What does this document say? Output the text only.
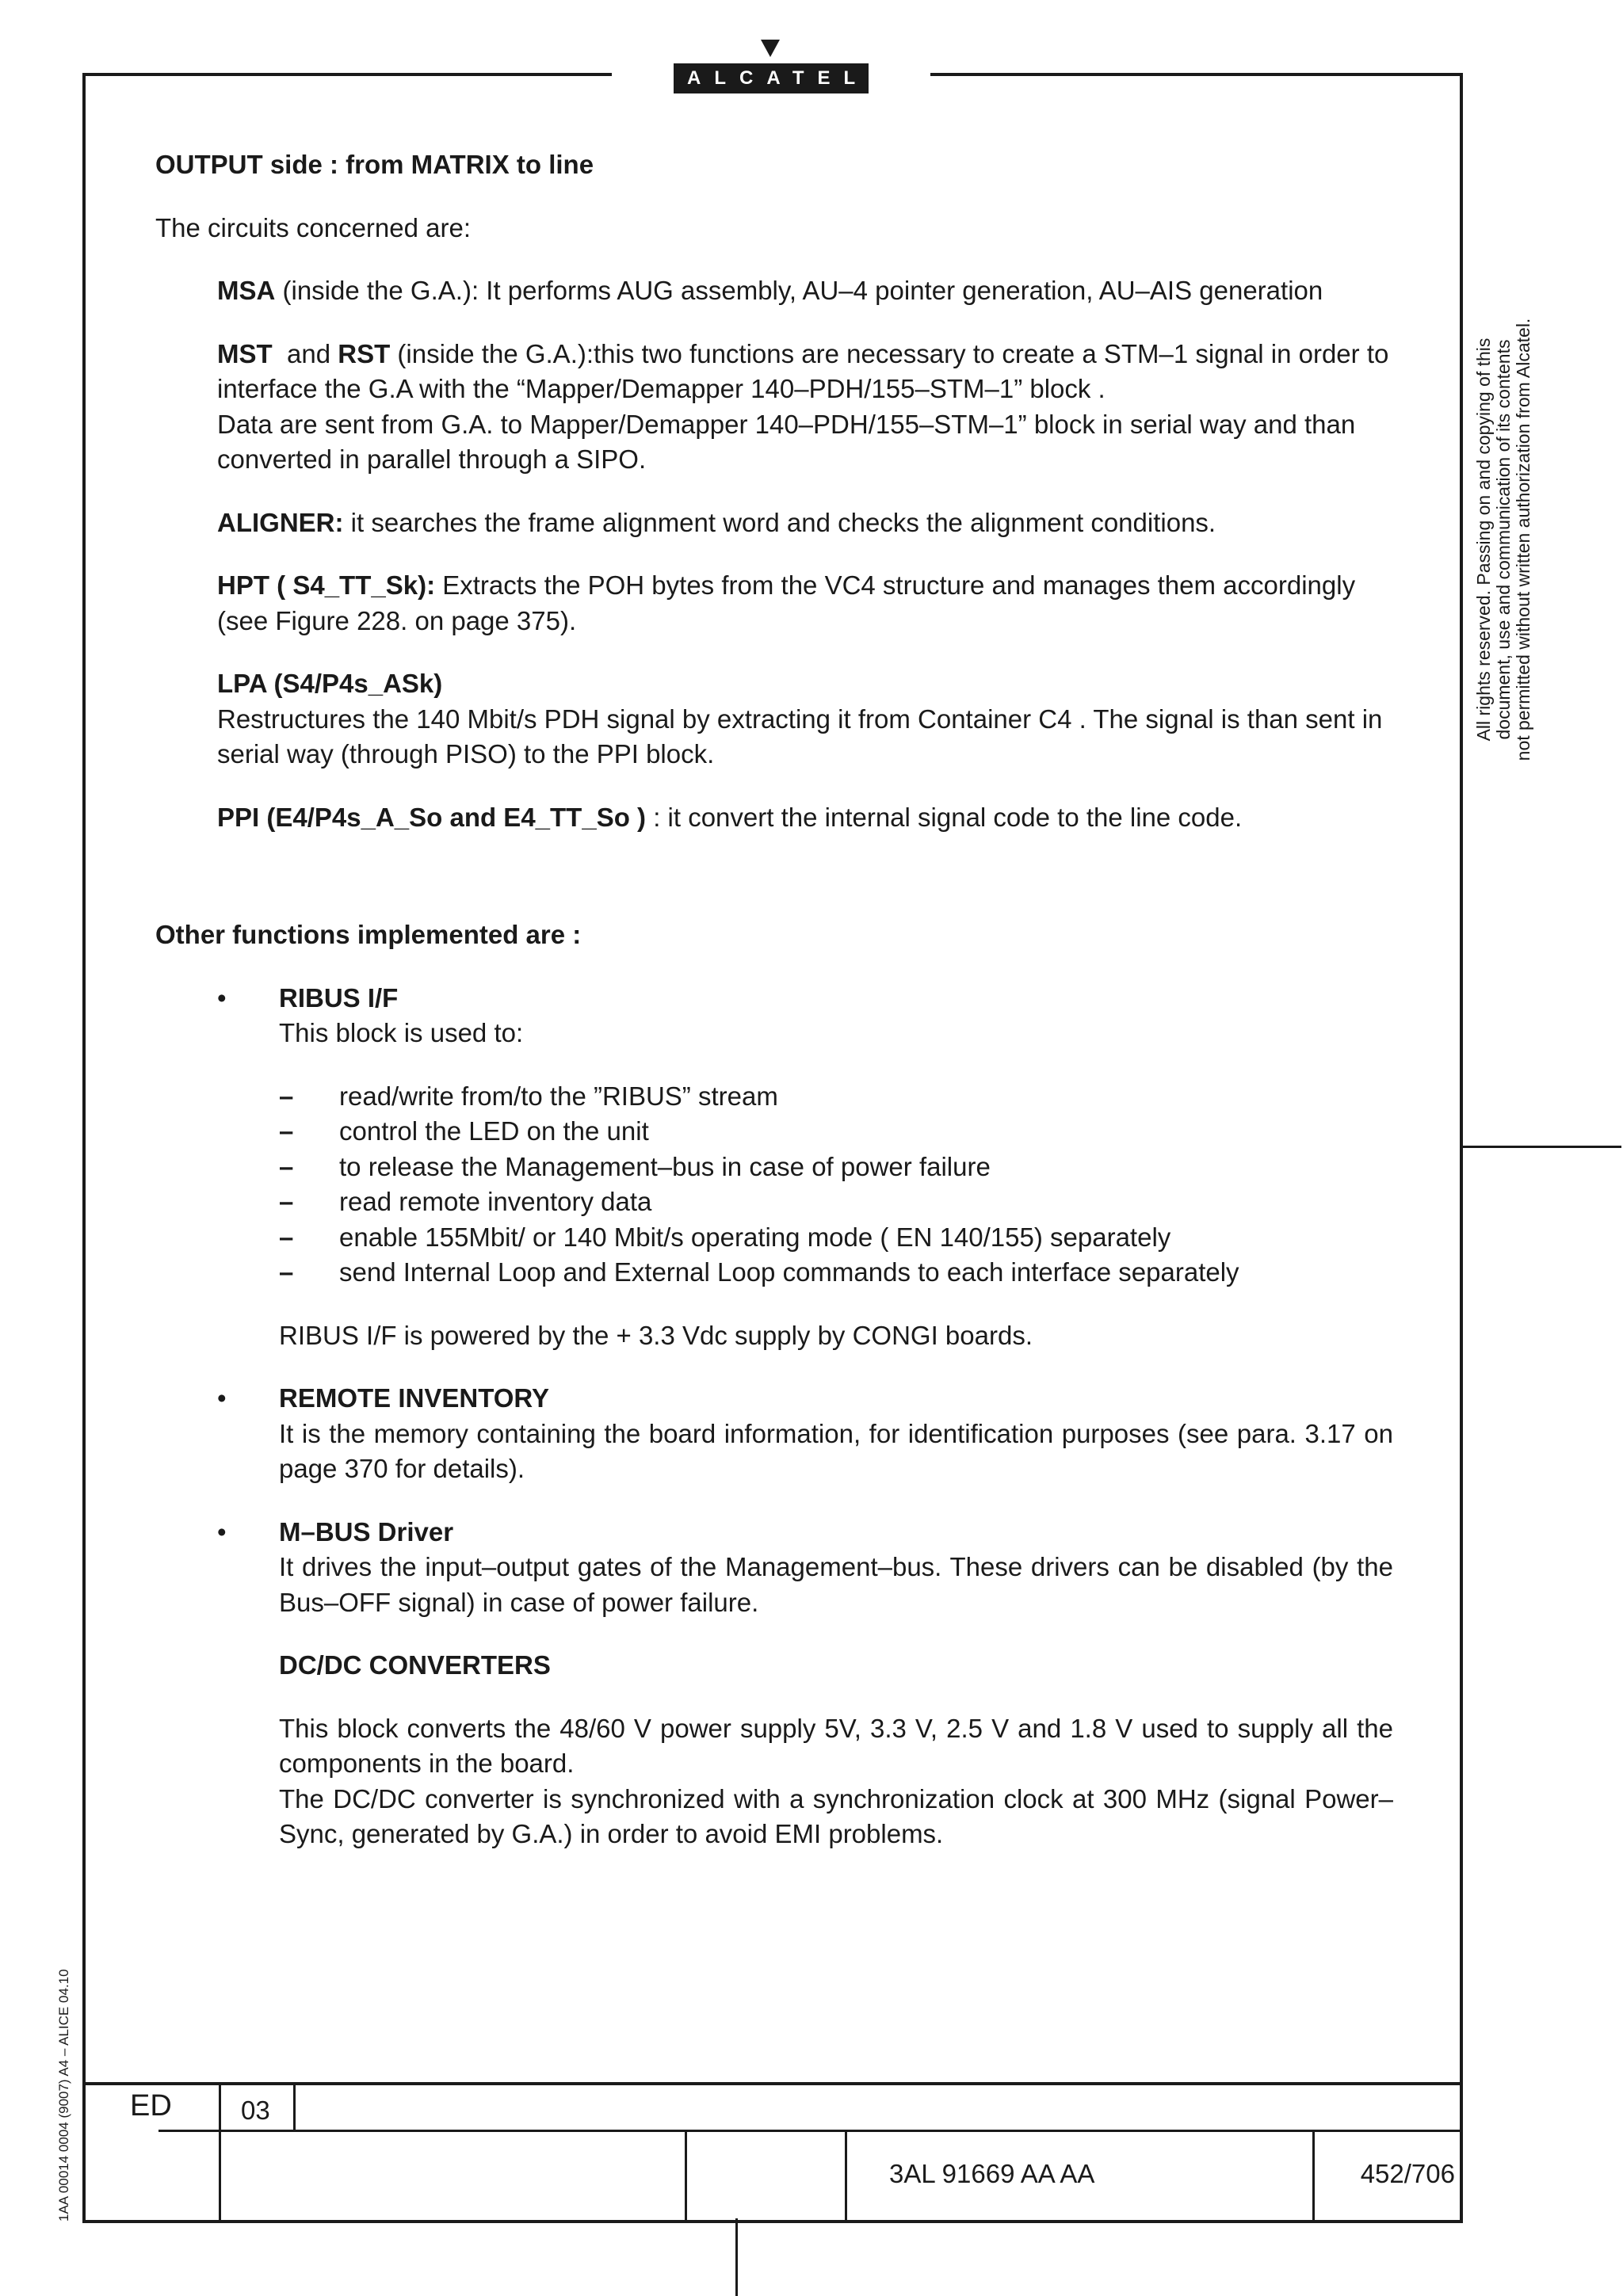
ALCATEL
All rights reserved. Passing on and copying of this document, use and communication of its contents not permitted without written authorization from Alcatel.
1AA 00014 0004 (9007) A4 – ALICE 04.10

OUTPUT side : from MATRIX to line

The circuits concerned are:

MSA (inside the G.A.): It performs AUG assembly, AU–4 pointer generation, AU–AIS generation

MST  and RST (inside the G.A.):this two functions are necessary to create a STM–1 signal in order to interface the G.A with the “Mapper/Demapper 140–PDH/155–STM–1” block .

Data are sent from G.A. to Mapper/Demapper 140–PDH/155–STM–1” block in serial way and than converted in parallel through a SIPO.

ALIGNER: it searches the frame alignment word and checks the alignment conditions.

HPT ( S4_TT_Sk): Extracts the POH bytes from the VC4 structure and manages them accordingly (see Figure 228. on page 375).

LPA (S4/P4s_ASk)

Restructures the 140 Mbit/s PDH signal by extracting it from Container C4 . The signal is than sent in serial way (through PISO) to the PPI block.

PPI (E4/P4s_A_So and E4_TT_So ) : it convert the internal signal code to the line code.

Other functions implemented are :

• RIBUS I/F

This block is used to:

– read/write from/to the ”RIBUS” stream
– control the LED on the unit
– to release the Management–bus in case of power failure
– read remote inventory data
– enable 155Mbit/ or 140 Mbit/s operating mode ( EN 140/155) separately
– send Internal Loop and External Loop commands to each interface separately

RIBUS I/F is powered by the + 3.3 Vdc supply by CONGI boards.

• REMOTE INVENTORY

It is the memory containing the board information, for identification purposes (see para. 3.17 on page 370 for details).

• M–BUS Driver

It drives the input–output gates of the Management–bus. These drivers can be disabled (by the Bus–OFF signal) in case of power failure.

DC/DC CONVERTERS

This block converts the 48/60 V power supply 5V, 3.3 V, 2.5 V and 1.8 V used to supply all the components in the board.

The DC/DC converter is synchronized with a synchronization clock at 300 MHz (signal Power–Sync, generated by G.A.) in order to avoid EMI problems.

ED	03
3AL 91669 AA AA	452/706
